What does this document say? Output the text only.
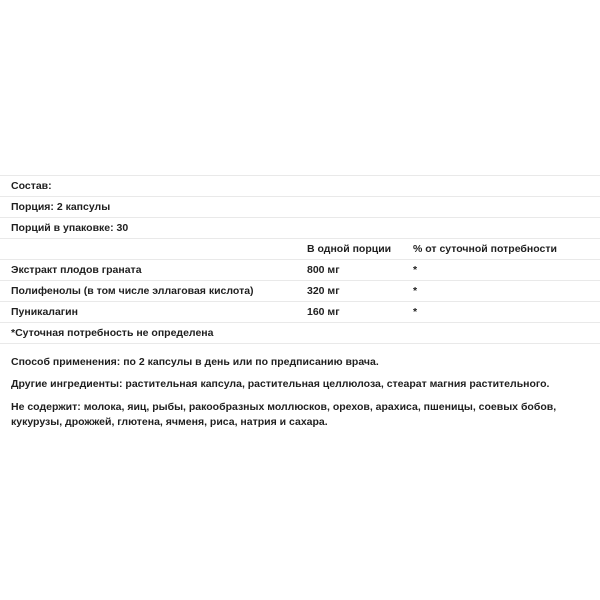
Состав:		
Порция: 2 капсулы		
Порций в упаковке: 30		
	В одной порции	% от суточной потребности
Экстракт плодов граната	800 мг	*
Полифенолы (в том числе эллаговая кислота)	320 мг	*
Пуникалагин	160 мг	*
*Суточная потребность не определена		
Способ применения: по 2 капсулы в день или по предписанию врача.
Другие ингредиенты: растительная капсула, растительная целлюлоза, стеарат магния растительного.
Не содержит: молока, яиц, рыбы, ракообразных моллюсков, орехов, арахиса, пшеницы, соевых бобов, кукурузы, дрожжей, глютена, ячменя, риса, натрия и сахара.
